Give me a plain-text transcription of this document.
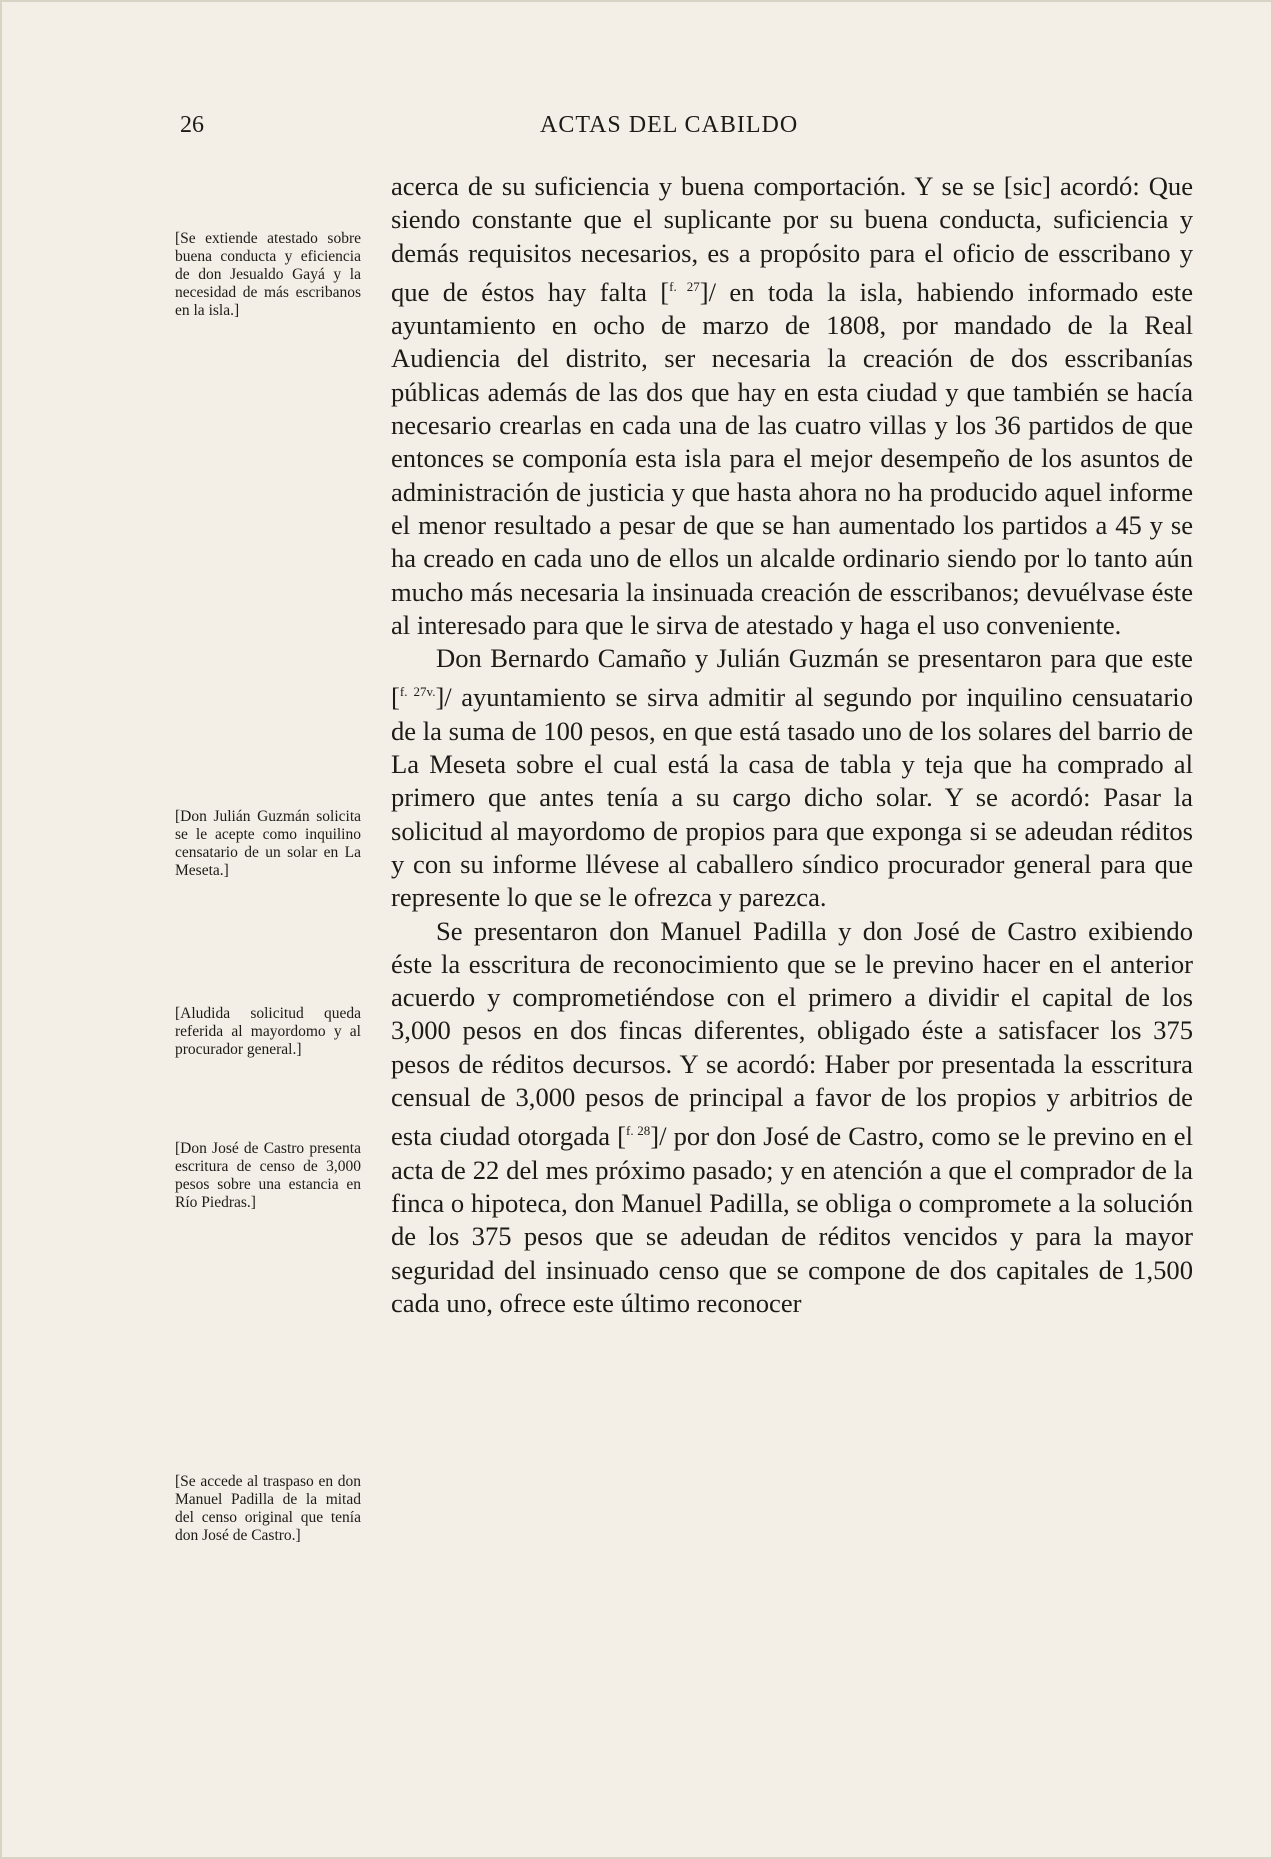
26	ACTAS DEL CABILDO
[Se extiende atestado sobre buena conducta y eficiencia de don Jesualdo Gayá y la necesidad de más escribanos en la isla.]
[Don Julián Guzmán solicita se le acepte como inquilino censatario de un solar en La Meseta.]
[Aludida solicitud queda referida al mayordomo y al procurador general.]
[Don José de Castro presenta escritura de censo de 3,000 pesos sobre una estancia en Río Piedras.]
[Se accede al traspaso en don Manuel Padilla de la mitad del censo original que tenía don José de Castro.]

acerca de su suficiencia y buena comportación. Y se se [sic] acordó: Que siendo constante que el suplicante por su buena conducta, suficiencia y demás requisitos necesarios, es a propósito para el oficio de esscribano y que de éstos hay falta [$^{f. 27}$]/ en toda la isla, habiendo informado este ayuntamiento en ocho de marzo de 1808, por mandado de la Real Audiencia del distrito, ser necesaria la creación de dos esscribanías públicas además de las dos que hay en esta ciudad y que también se hacía necesario crearlas en cada una de las cuatro villas y los 36 partidos de que entonces se componía esta isla para el mejor desempeño de los asuntos de administración de justicia y que hasta ahora no ha producido aquel informe el menor resultado a pesar de que se han aumentado los partidos a 45 y se ha creado en cada uno de ellos un alcalde ordinario siendo por lo tanto aún mucho más necesaria la insinuada creación de esscribanos; devuélvase éste al interesado para que le sirva de atestado y haga el uso conveniente.

Don Bernardo Camaño y Julián Guzmán se presentaron para que este [$^{f. 27v.}$]/ ayuntamiento se sirva admitir al segundo por inquilino censuatario de la suma de 100 pesos, en que está tasado uno de los solares del barrio de La Meseta sobre el cual está la casa de tabla y teja que ha comprado al primero que antes tenía a su cargo dicho solar. Y se acordó: Pasar la solicitud al mayordomo de propios para que exponga si se adeudan réditos y con su informe llévese al caballero síndico procurador general para que represente lo que se le ofrezca y parezca.

Se presentaron don Manuel Padilla y don José de Castro exibiendo éste la esscritura de reconocimiento que se le previno hacer en el anterior acuerdo y comprometiéndose con el primero a dividir el capital de los 3,000 pesos en dos fincas diferentes, obligado éste a satisfacer los 375 pesos de réditos decursos. Y se acordó: Haber por presentada la esscritura censual de 3,000 pesos de principal a favor de los propios y arbitrios de esta ciudad otorgada [$^{f. 28}$]/ por don José de Castro, como se le previno en el acta de 22 del mes próximo pasado; y en atención a que el comprador de la finca o hipoteca, don Manuel Padilla, se obliga o compromete a la solución de los 375 pesos que se adeudan de réditos vencidos y para la mayor seguridad del insinuado censo que se compone de dos capitales de 1,500 cada uno, ofrece este último reconocer
